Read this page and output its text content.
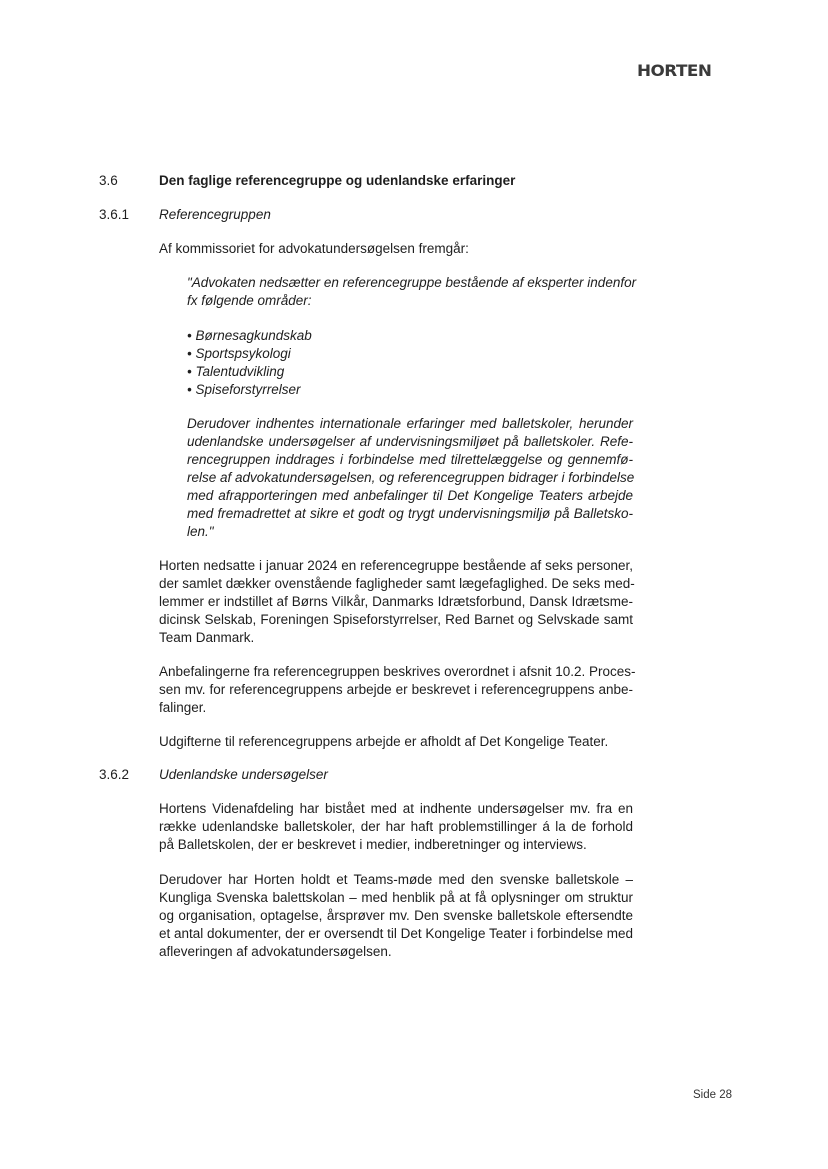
HORTEN
3.6	Den faglige referencegruppe og udenlandske erfaringer
3.6.1 Referencegruppen
Af kommissoriet for advokatundersøgelsen fremgår:
"Advokaten nedsætter en referencegruppe bestående af eksperter indenfor
fx følgende områder:
• Børnesagkundskab
• Sportspsykologi
• Talentudvikling
• Spiseforstyrrelser
Derudover indhentes internationale erfaringer med balletskoler, herunder
udenlandske undersøgelser af undervisningsmiljøet på balletskoler. Refe-
rencegruppen inddrages i forbindelse med tilrettelæggelse og gennemfø-
relse af advokatundersøgelsen, og referencegruppen bidrager i forbindelse
med afrapporteringen med anbefalinger til Det Kongelige Teaters arbejde
med fremadrettet at sikre et godt og trygt undervisningsmiljø på Balletsko-
len."
Horten nedsatte i januar 2024 en referencegruppe bestående af seks personer,
der samlet dækker ovenstående fagligheder samt lægefaglighed. De seks med-
lemmer er indstillet af Børns Vilkår, Danmarks Idrætsforbund, Dansk Idrætsme-
dicinsk Selskab, Foreningen Spiseforstyrrelser, Red Barnet og Selvskade samt
Team Danmark.
Anbefalingerne fra referencegruppen beskrives overordnet i afsnit 10.2. Proces-
sen mv. for referencegruppens arbejde er beskrevet i referencegruppens anbe-
falinger.
Udgifterne til referencegruppens arbejde er afholdt af Det Kongelige Teater.
3.6.2 Udenlandske undersøgelser
Hortens Videnafdeling har bistået med at indhente undersøgelser mv. fra en
række udenlandske balletskoler, der har haft problemstillinger á la de forhold
på Balletskolen, der er beskrevet i medier, indberetninger og interviews.
Derudover har Horten holdt et Teams-møde med den svenske balletskole –
Kungliga Svenska balettskolan – med henblik på at få oplysninger om struktur
og organisation, optagelse, årsprøver mv. Den svenske balletskole eftersendte
et antal dokumenter, der er oversendt til Det Kongelige Teater i forbindelse med
afleveringen af advokatundersøgelsen.
Side 28
